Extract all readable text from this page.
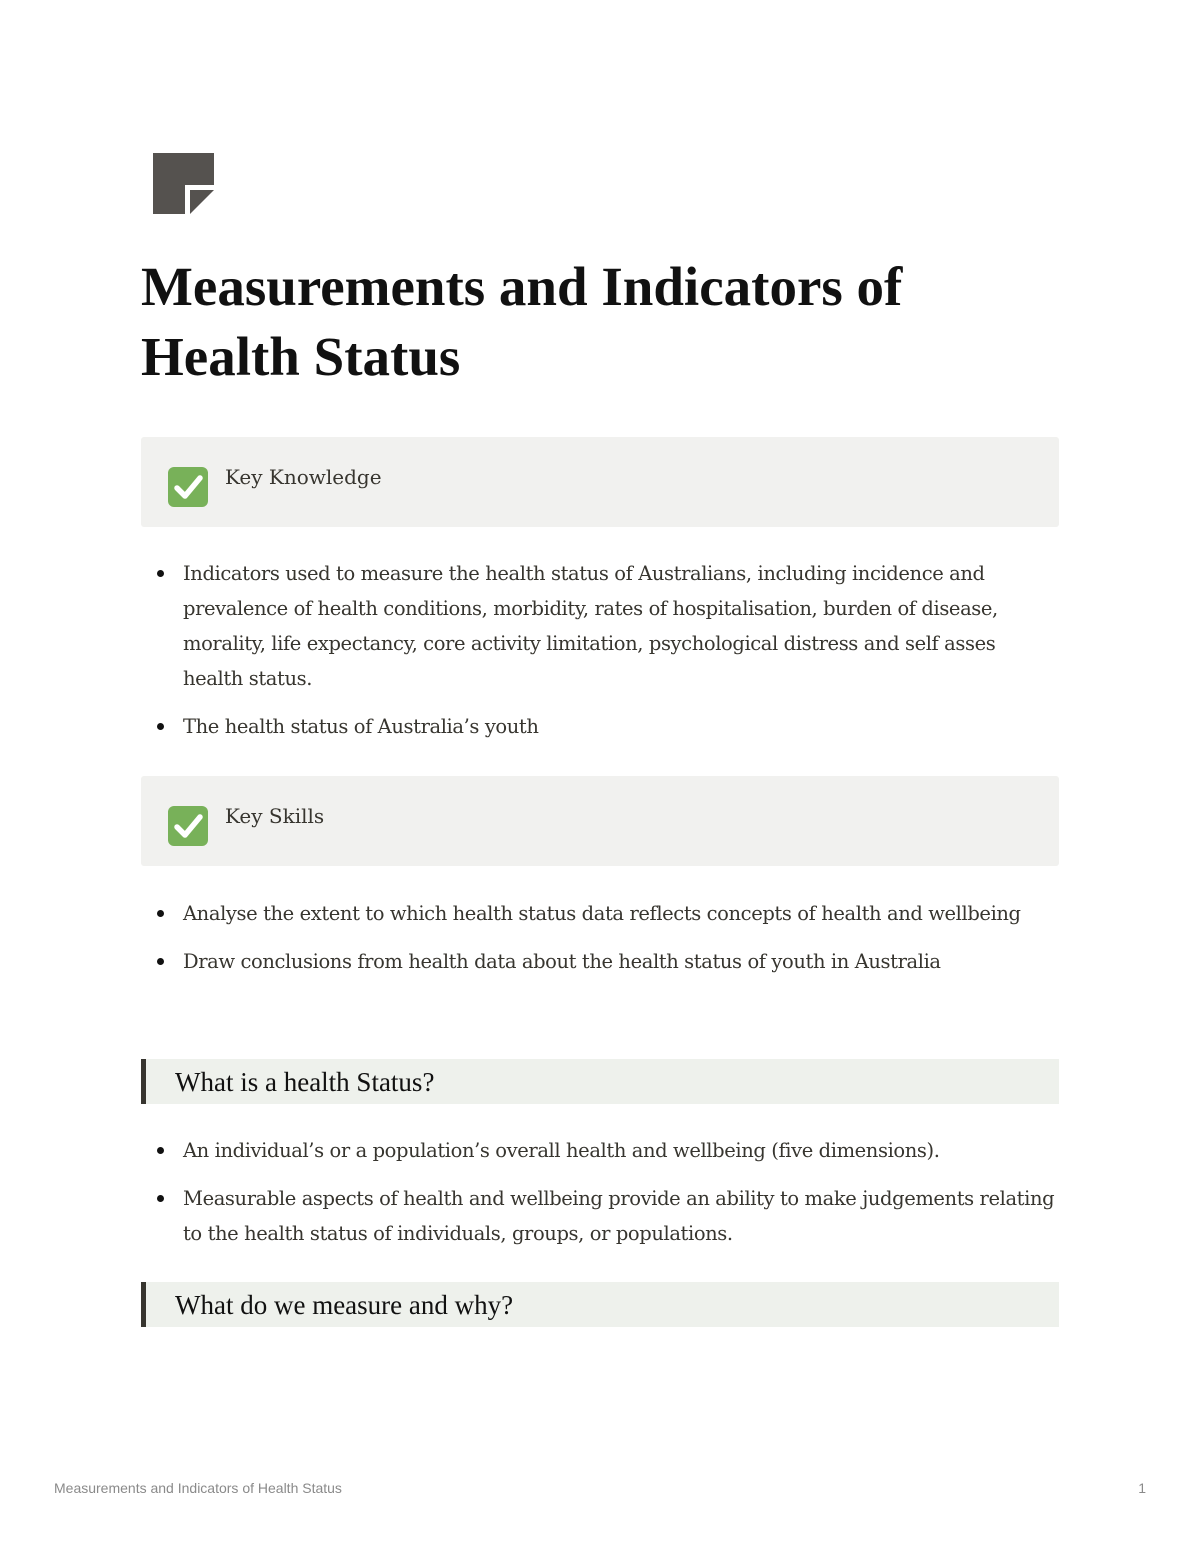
Measurements and Indicators of Health Status
Key Knowledge
Indicators used to measure the health status of Australians, including incidence and prevalence of health conditions, morbidity, rates of hospitalisation, burden of disease, morality, life expectancy, core activity limitation, psychological distress and self asses health status.
The health status of Australia’s youth
Key Skills
Analyse the extent to which health status data reflects concepts of health and wellbeing
Draw conclusions from health data about the health status of youth in Australia
What is a health Status?
An individual’s or a population’s overall health and wellbeing (five dimensions).
Measurable aspects of health and wellbeing provide an ability to make judgements relating to the health status of individuals, groups, or populations.
What do we measure and why?
Measurements and Indicators of Health Status	1
